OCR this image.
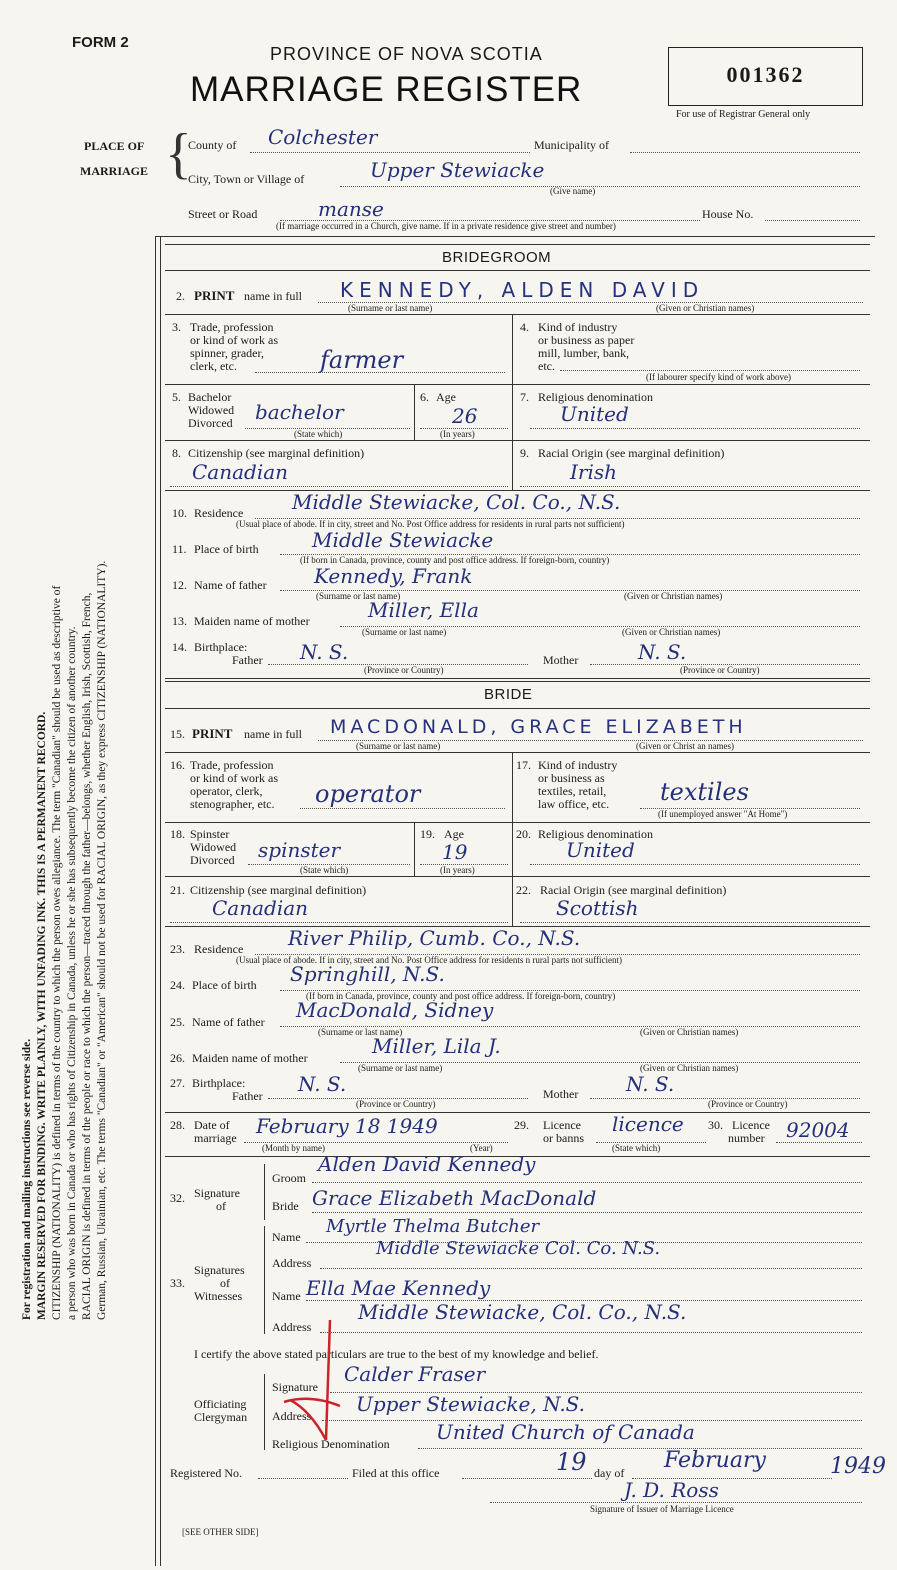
FORM 2
PROVINCE OF NOVA SCOTIA
MARRIAGE REGISTER	001362
For use of Registrar General only
PLACE OF
MARRIAGE {
County of Colchester	Municipality of
City, Town or Village of	Upper Stewiacke
(Give name)
Street or Road	manse	House No.
(If marriage occurred in a Church, give name. If in a private residence give street and number)
BRIDEGROOM
2. PRINT name in full KENNEDY, ALDEN DAVID
(Surname or last name)	(Given or Christian names)
3. Trade, profession
or kind of work as
spinner, grader,
clerk, etc.	farmer
4. Kind of industry
or business as paper
mill, lumber, bank,
etc.
(If labourer specify kind of work above)
5. Bachelor
Widowed
Divorced bachelor
(State which)
6. Age
26
(In years)
7. Religious denomination
United
8. Citizenship (see marginal definition)
Canadian
9. Racial Origin (see marginal definition)
Irish
10. Residence Middle Stewiacke, Col. Co., N.S.
(Usual place of abode. If in city, street and No. Post Office address for residents in rural parts not sufficient)
11. Place of birth	Middle Stewiacke
(If born in Canada, province, county and post office address. If foreign-born, country)
12. Name of father Kennedy, Frank
(Surname or last name)	(Given or Christian names)
13. Maiden name of mother	Miller, Ella
(Surname or last name)	(Given or Christian names)
14. Birthplace:
Father N. S.
(Province or Country)
Mother	N. S.
(Province or Country)
BRIDE
15. PRINT name in full MACDONALD, GRACE ELIZABETH
(Surname or last name)	(Given or Christ an names)
16. Trade, profession
or kind of work as
operator, clerk,
stenographer, etc. operator
17. Kind of industry
or business as
textiles, retail,
law office, etc. textiles
(If unemployed answer "At Home")
18. Spinster
Widowed
Divorced spinster
(State which)
19. Age
19
(In years)
20. Religious denomination
United
21. Citizenship (see marginal definition)
Canadian
22. Racial Origin (see marginal definition)
Scottish
23. Residence River Philip, Cumb. Co., N.S.
(Usual place of abode. If in city, street and No. Post Office address for residents n rural parts not sufficient)
24. Place of birth Springhill, N.S.
(If born in Canada, province, county and post office address. If foreign-born, country)
25. Name of father MacDonald, Sidney
(Surname or last name)	(Given or Christian names)
26. Maiden name of mother	Miller, Lila J.
(Surname or last name)	(Given or Christian names)
27. Birthplace:
Father N. S.
(Province or Country)
Mother N. S.
(Province or Country)
28. Date of
marriage February 18 1949
(Month by name)	(Year)
29. Licence
or banns
licence
(State which)
30. Licence
number 92004
32. Signature
of
Groom
Alden David Kennedy
Bride Grace Elizabeth MacDonald
33.
Signatures
of
Witnesses
Name Myrtle Thelma Butcher
Address
Middle Stewiacke Col. Co. N.S.
Name Ella Mae Kennedy
Address
Middle Stewiacke, Col. Co., N.S.
I certify the above stated particulars are true to the best of my knowledge and belief.
Officiating
Clergyman
Signature
Calder Fraser
Address Upper Stewiacke, N.S.
Religious Denomination United Church of Canada
Registered No.	Filed at this office	19 day of February	1949
J. D. Ross
Signature of Issuer of Marriage Licence
[SEE OTHER SIDE]
For registration and mailing instructions see reverse side. MARGIN RESERVED FOR BINDING. WRITE PLAINLY, WITH UNFADING INK. THIS IS A PERMANENT RECORD. CITIZENSHIP (NATIONALITY) is defined in terms of the country to which the person owes allegiance. The term "Canadian" should be used as descriptive of a person who was born in Canada or who has rights of Citizenship in Canada, unless he or she has subsequently become the citizen of another country. RACIAL ORIGIN is defined in terms of the people or race to which the person—traced through the father—belongs, whether English, Irish, Scottish, French, German, Russian, Ukrainian, etc. The terms "Canadian" or "American" should not be used for RACIAL ORIGIN, as they express CITIZENSHIP (NATIONALITY).
